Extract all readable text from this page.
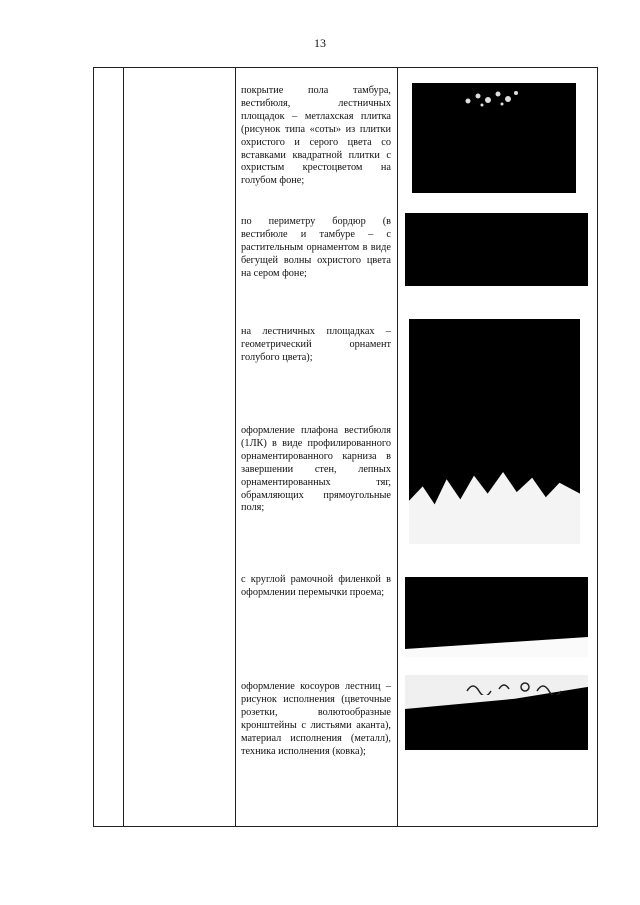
13
покрытие пола тамбура, вестибюля, лестничных площадок – метлахская плитка (рисунок типа «соты» из плитки охристого и серого цвета со вставками квадратной плитки с охристым крестоцветом на голубом фоне;
по периметру бордюр (в вестибюле и тамбуре – с растительным орнаментом в виде бегущей волны охристого цвета на сером фоне;
на лестничных площадках – геометрический орнамент голубого цвета);
оформление плафона вестибюля (1ЛК) в виде профилированного орнаментированного карниза в завершении стен, лепных орнаментированных тяг, обрамляющих прямоугольные поля;
с круглой рамочной филенкой в оформлении перемычки проема;
оформление косоуров лестниц – рисунок исполнения (цветочные розетки, волютообразные кронштейны с листьями аканта), материал исполнения (металл), техника исполнения (ковка);
